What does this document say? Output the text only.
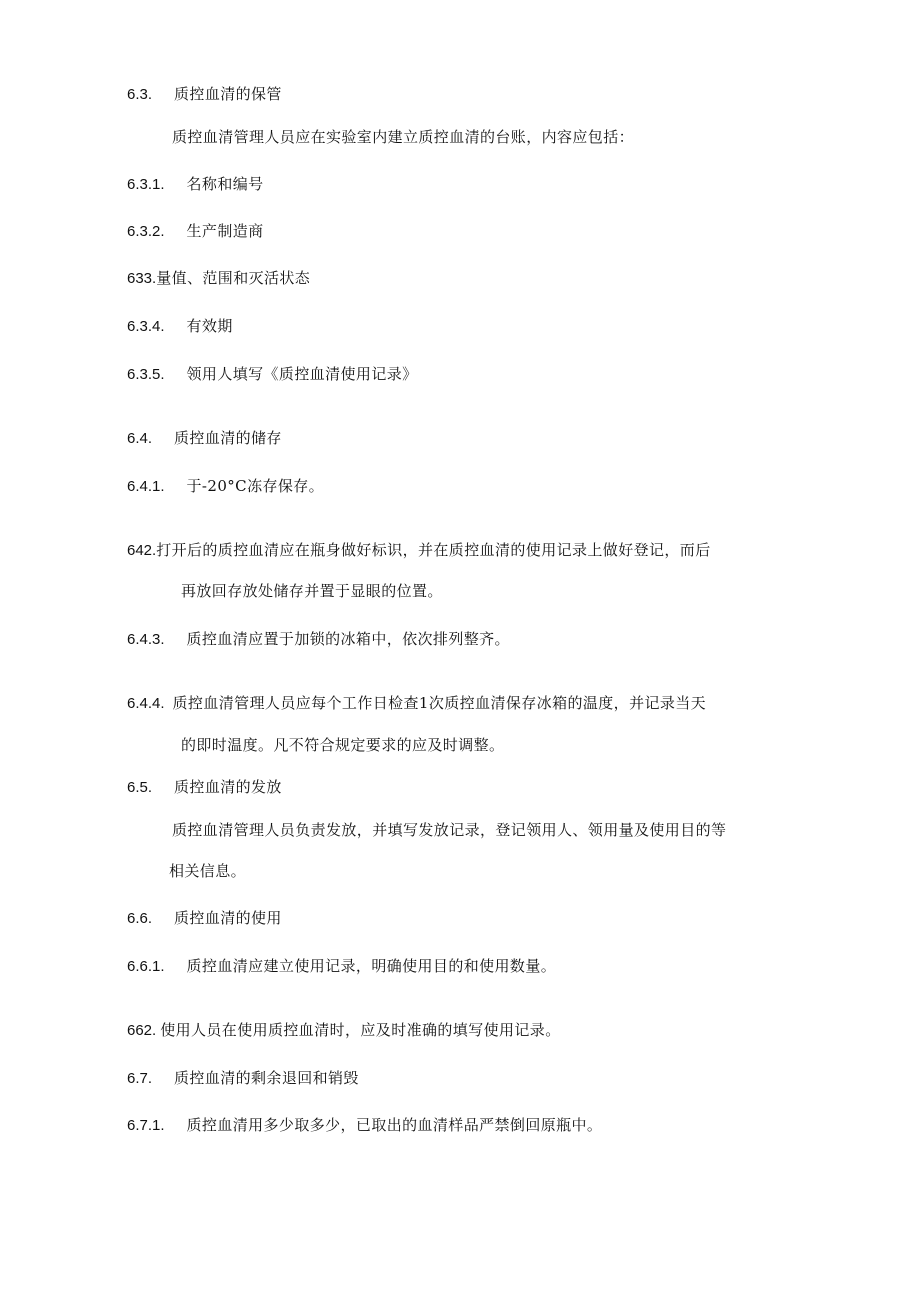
6.3. 质控血清的保管
质控血清管理人员应在实验室内建立质控血清的台账，内容应包括：
6.3.1. 名称和编号
6.3.2. 生产制造商
633.量值、范围和灭活状态
6.3.4. 有效期
6.3.5. 领用人填写《质控血清使用记录》
6.4. 质控血清的储存
6.4.1. 于-20°C冻存保存。
642.打开后的质控血清应在瓶身做好标识，并在质控血清的使用记录上做好登记，而后
再放回存放处储存并置于显眼的位置。
6.4.3. 质控血清应置于加锁的冰箱中，依次排列整齐。
6.4.4. 质控血清管理人员应每个工作日检查1次质控血清保存冰箱的温度，并记录当天
的即时温度。凡不符合规定要求的应及时调整。
6.5. 质控血清的发放
质控血清管理人员负责发放，并填写发放记录，登记领用人、领用量及使用目的等
相关信息。
6.6. 质控血清的使用
6.6.1. 质控血清应建立使用记录，明确使用目的和使用数量。
662. 使用人员在使用质控血清时，应及时准确的填写使用记录。
6.7. 质控血清的剩余退回和销毁
6.7.1. 质控血清用多少取多少，已取出的血清样品严禁倒回原瓶中。
